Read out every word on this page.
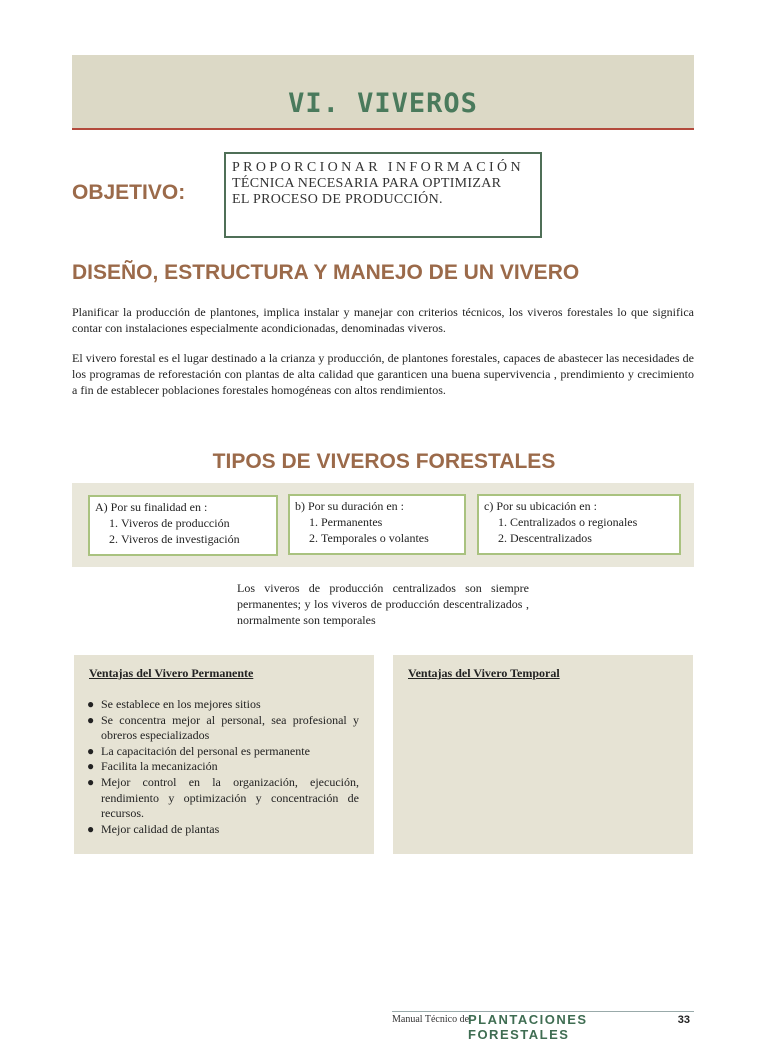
VI. VIVEROS
OBJETIVO:
PROPORCIONAR INFORMACIÓN
TÉCNICA NECESARIA PARA OPTIMIZAR
EL PROCESO DE PRODUCCIÓN.
DISEÑO, ESTRUCTURA Y MANEJO DE UN VIVERO

Planificar la producción de plantones, implica instalar y manejar con criterios técnicos, los viveros forestales lo que significa contar con instalaciones especialmente acondicionadas, denominadas viveros.

El vivero forestal es el lugar destinado a la crianza y producción, de plantones forestales, capaces de abastecer las necesidades de los programas de reforestación con plantas de alta calidad que garanticen una buena supervivencia , prendimiento y crecimiento a fin de establecer poblaciones forestales homogéneas con altos rendimientos.

TIPOS DE VIVEROS FORESTALES
A) Por su finalidad en :
1. Viveros de producción
2. Viveros de investigación
b) Por su duración en :
1. Permanentes
2. Temporales o volantes
c) Por su ubicación en :
1. Centralizados o regionales
2. Descentralizados

Los viveros de producción centralizados son siempre permanentes; y los viveros de producción descentralizados , normalmente son temporales

Ventajas del Vivero Permanente
● Se establece en los mejores sitios
● Se concentra mejor al personal, sea profesional y obreros especializados
● La capacitación del personal es permanente
● Facilita la mecanización
● Mejor control en la organización, ejecución, rendimiento y optimización y concentración de recursos.
● Mejor calidad de plantas
Ventajas del Vivero Temporal
Manual Técnico de
PLANTACIONES FORESTALES
33
